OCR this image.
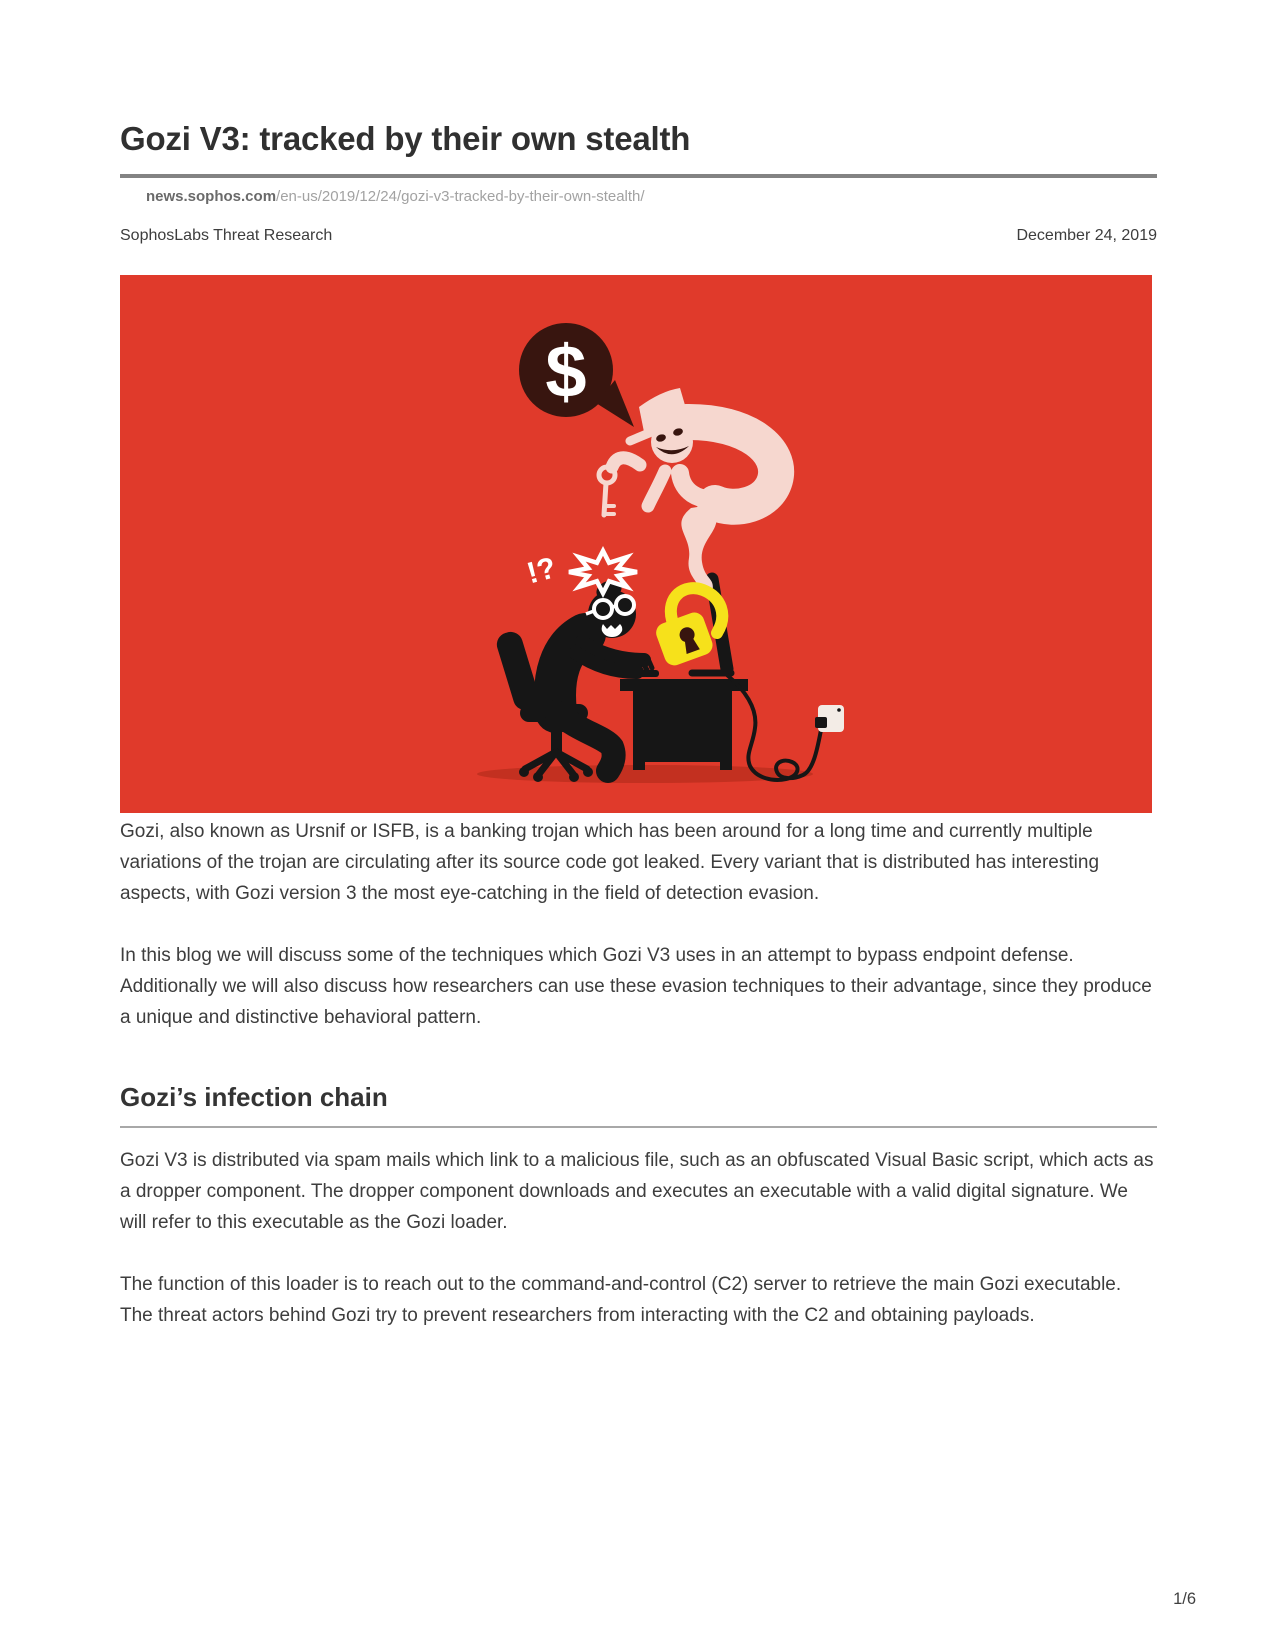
Gozi V3: tracked by their own stealth

news.sophos.com/en-us/2019/12/24/gozi-v3-tracked-by-their-own-stealth/

SophosLabs Threat Research	December 24, 2019
$
!?

Gozi, also known as Ursnif or ISFB, is a banking trojan which has been around for a long time and currently multiple variations of the trojan are circulating after its source code got leaked. Every variant that is distributed has interesting aspects, with Gozi version 3 the most eye-catching in the field of detection evasion.

In this blog we will discuss some of the techniques which Gozi V3 uses in an attempt to bypass endpoint defense. Additionally we will also discuss how researchers can use these evasion techniques to their advantage, since they produce a unique and distinctive behavioral pattern.

Gozi’s infection chain

Gozi V3 is distributed via spam mails which link to a malicious file, such as an obfuscated Visual Basic script, which acts as a dropper component. The dropper component downloads and executes an executable with a valid digital signature. We will refer to this executable as the Gozi loader.

The function of this loader is to reach out to the command-and-control (C2) server to retrieve the main Gozi executable. The threat actors behind Gozi try to prevent researchers from interacting with the C2 and obtaining payloads.

1/6
